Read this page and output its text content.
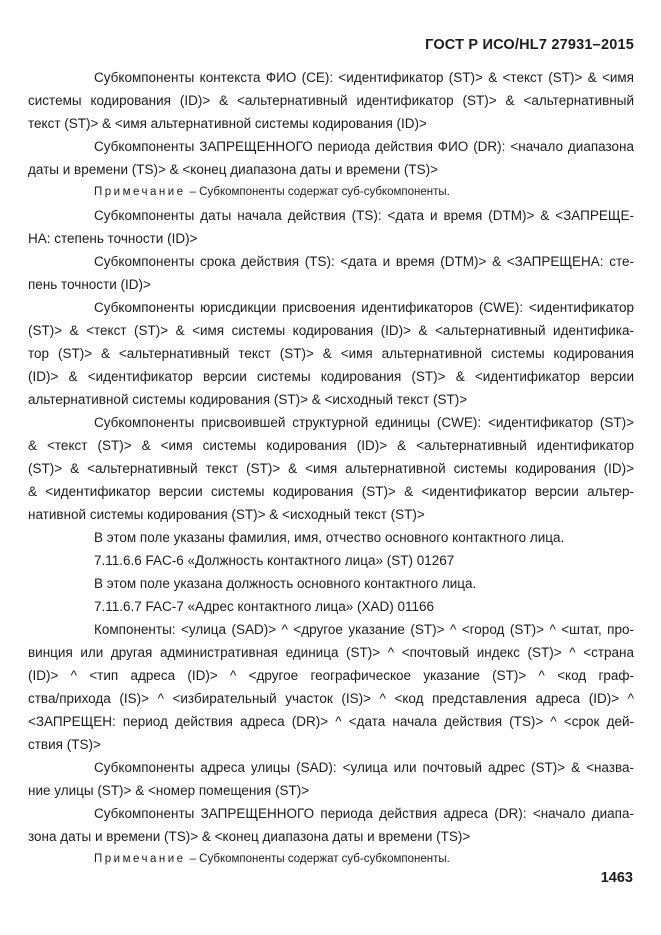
ГОСТ Р ИСО/HL7 27931–2015
Субкомпоненты контекста ФИО (CE): <идентификатор (ST)> & <текст (ST)> & <имя
системы кодирования (ID)> & <альтернативный идентификатор (ST)> & <альтернативный
текст (ST)> & <имя альтернативной системы кодирования (ID)>
Субкомпоненты ЗАПРЕЩЕННОГО периода действия ФИО (DR): <начало диапазона
даты и времени (TS)> & <конец диапазона даты и времени (TS)>
Примечание – Субкомпоненты содержат суб-субкомпоненты.
Субкомпоненты даты начала действия (TS): <дата и время (DTM)> & <ЗАПРЕЩЕ-
НА: степень точности (ID)>
Субкомпоненты срока действия (TS): <дата и время (DTM)> & <ЗАПРЕЩЕНА: сте-
пень точности (ID)>
Субкомпоненты юрисдикции присвоения идентификаторов (CWE): <идентификатор
(ST)> & <текст (ST)> & <имя системы кодирования (ID)> & <альтернативный идентифика-
тор (ST)> & <альтернативный текст (ST)> & <имя альтернативной системы кодирования
(ID)> & <идентификатор версии системы кодирования (ST)> & <идентификатор версии
альтернативной системы кодирования (ST)> & <исходный текст (ST)>
Субкомпоненты присвоившей структурной единицы (CWE): <идентификатор (ST)>
& <текст (ST)> & <имя системы кодирования (ID)> & <альтернативный идентификатор
(ST)> & <альтернативный текст (ST)> & <имя альтернативной системы кодирования (ID)>
& <идентификатор версии системы кодирования (ST)> & <идентификатор версии альтер-
нативной системы кодирования (ST)> & <исходный текст (ST)>
В этом поле указаны фамилия, имя, отчество основного контактного лица.
7.11.6.6 FAC-6 «Должность контактного лица» (ST) 01267
В этом поле указана должность основного контактного лица.
7.11.6.7 FAC-7 «Адрес контактного лица» (XAD) 01166
Компоненты: <улица (SAD)> ^ <другое указание (ST)> ^ <город (ST)> ^ <штат, про-
винция или другая административная единица (ST)> ^ <почтовый индекс (ST)> ^ <страна
(ID)> ^ <тип адреса (ID)> ^ <другое географическое указание (ST)> ^ <код граф-
ства/прихода (IS)> ^ <избирательный участок (IS)> ^ <код представления адреса (ID)> ^
<ЗАПРЕЩЕН: период действия адреса (DR)> ^ <дата начала действия (TS)> ^ <срок дей-
ствия (TS)>
Субкомпоненты адреса улицы (SAD): <улица или почтовый адрес (ST)> & <назва-
ние улицы (ST)> & <номер помещения (ST)>
Субкомпоненты ЗАПРЕЩЕННОГО периода действия адреса (DR): <начало диапа-
зона даты и времени (TS)> & <конец диапазона даты и времени (TS)>
Примечание – Субкомпоненты содержат суб-субкомпоненты.
1463
